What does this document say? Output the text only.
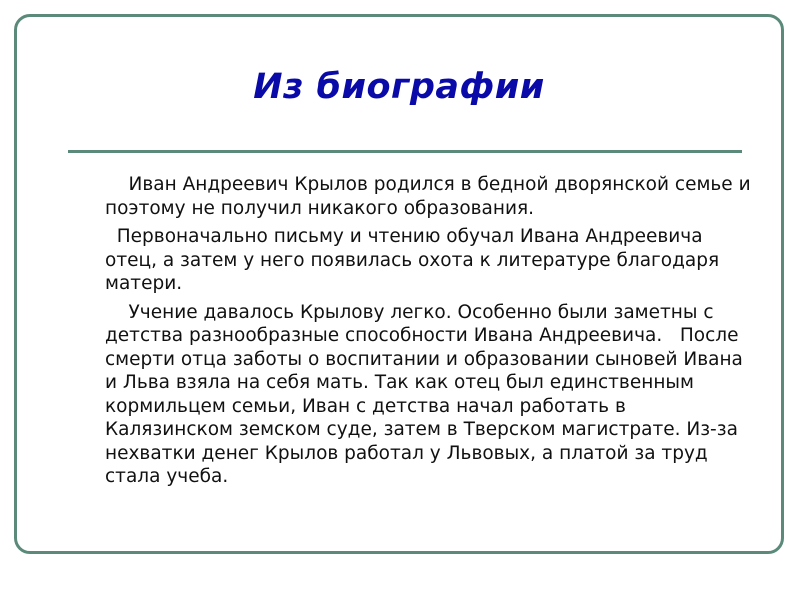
Из биографии

Иван Андреевич Крылов родился в бедной дворянской семье и поэтому не получил никакого образования.

Первоначально письму и чтению обучал Ивана Андреевича отец, а затем у него появилась охота к литературе благодаря матери.

Учение давалось Крылову легко. Особенно были заметны с детства разнообразные способности Ивана Андреевича.   После смерти отца заботы о воспитании и образовании сыновей Ивана и Льва взяла на себя мать. Так как отец был единственным кормильцем семьи, Иван с детства начал работать в Калязинском земском суде, затем в Тверском магистрате. Из-за нехватки денег Крылов работал у Львовых, а платой за труд стала учеба.
